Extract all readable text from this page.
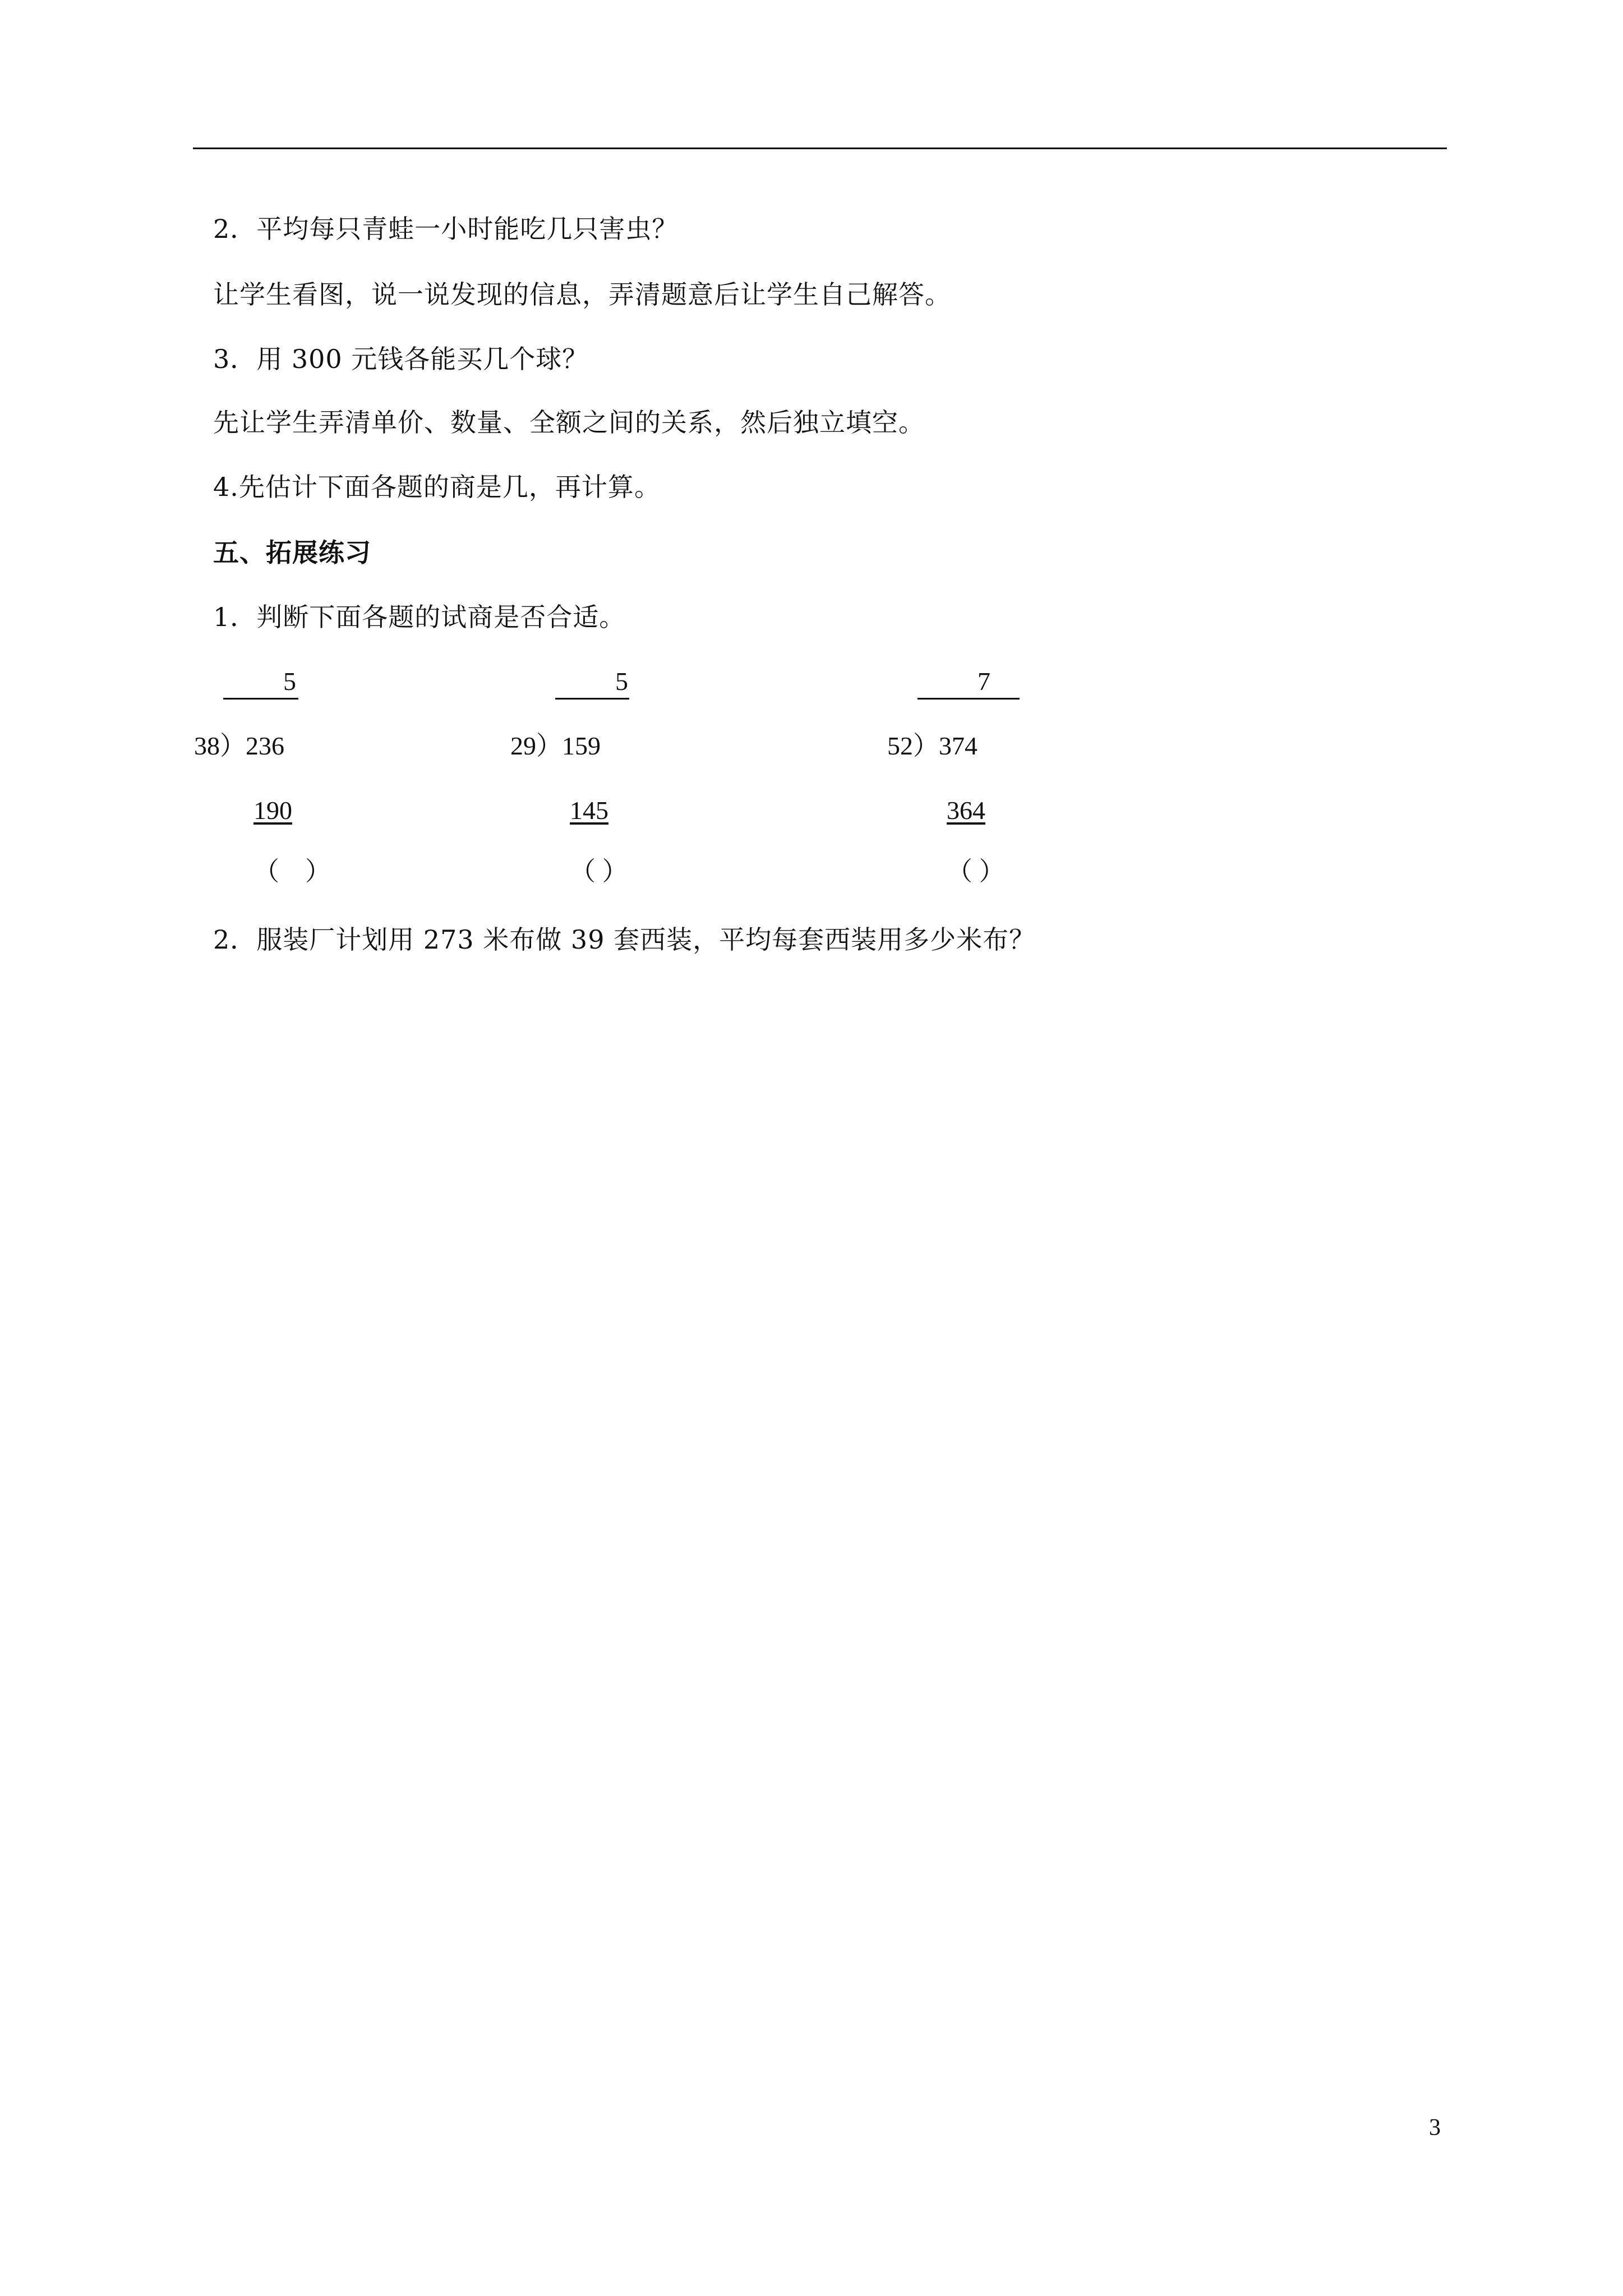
2．平均每只青蛙一小时能吃几只害虫？

让学生看图，说一说发现的信息，弄清题意后让学生自己解答。

3．用 300 元钱各能买几个球？

先让学生弄清单价、数量、全额之间的关系，然后独立填空。

4.先估计下面各题的商是几，再计算。

五、拓展练习

1．判断下面各题的试商是否合适。

5
38）236
190
（　）
5
29）159
145
（ ）
7
52）374
364
（ ）

2．服装厂计划用 273 米布做 39 套西装，平均每套西装用多少米布？

3
